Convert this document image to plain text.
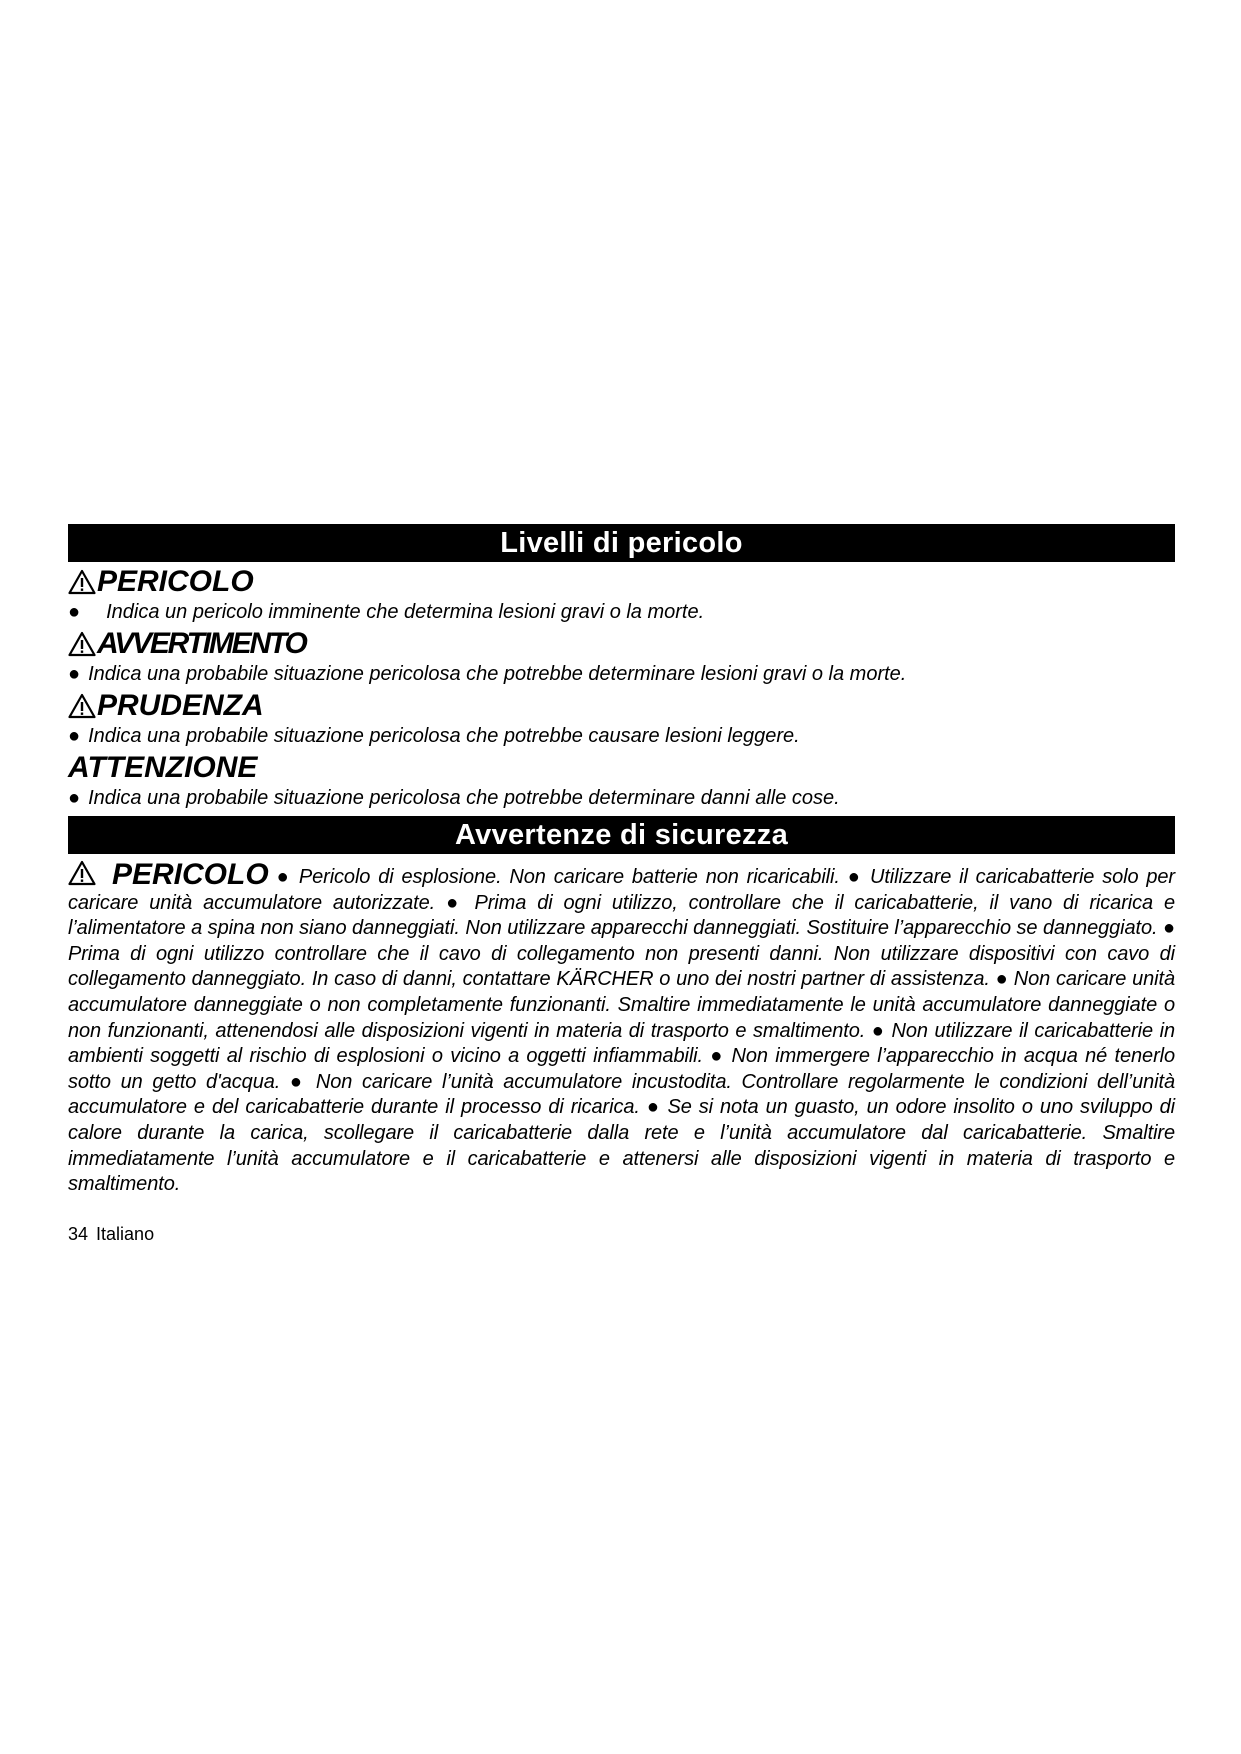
Livelli di pericolo
PERICOLO
● Indica un pericolo imminente che determina lesioni gravi o la morte.
AVVERTIMENTO
● Indica una probabile situazione pericolosa che potrebbe determinare lesioni gravi o la morte.
PRUDENZA
● Indica una probabile situazione pericolosa che potrebbe causare lesioni leggere.
ATTENZIONE
● Indica una probabile situazione pericolosa che potrebbe determinare danni alle cose.
Avvertenze di sicurezza
PERICOLO ● Pericolo di esplosione. Non caricare batterie non ricaricabili. ● Utilizzare il caricabatterie solo per caricare unità accumulatore autorizzate. ● Prima di ogni utilizzo, controllare che il caricabatterie, il vano di ricarica e l’alimentatore a spina non siano danneggiati. Non utilizzare apparecchi danneggiati. Sostituire l’apparecchio se danneggiato. ● Prima di ogni utilizzo controllare che il cavo di collegamento non presenti danni. Non utilizzare dispositivi con cavo di collegamento danneggiato. In caso di danni, contattare KÄRCHER o uno dei nostri partner di assistenza. ● Non caricare unità accumulatore danneggiate o non completamente funzionanti. Smaltire immediatamente le unità accumulatore danneggiate o non funzionanti, attenendosi alle disposizioni vigenti in materia di trasporto e smaltimento. ● Non utilizzare il caricabatterie in ambienti soggetti al rischio di esplosioni o vicino a oggetti infiammabili. ● Non immergere l’apparecchio in acqua né tenerlo sotto un getto d'acqua. ● Non caricare l’unità accumulatore incustodita. Controllare regolarmente le condizioni dell’unità accumulatore e del caricabatterie durante il processo di ricarica. ● Se si nota un guasto, un odore insolito o uno sviluppo di calore durante la carica, scollegare il caricabatterie dalla rete e l’unità accumulatore dal caricabatterie. Smaltire immediatamente l’unità accumulatore e il caricabatterie e attenersi alle disposizioni vigenti in materia di trasporto e smaltimento.
34 Italiano
